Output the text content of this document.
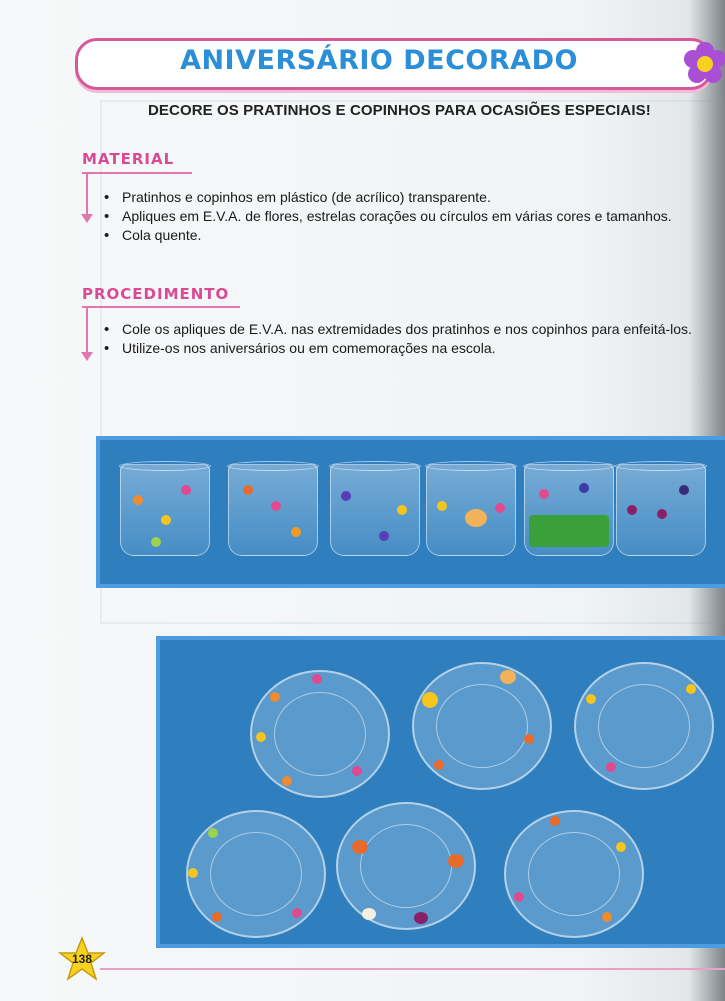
ANIVERSÁRIO DECORADO
DECORE OS PRATINHOS E COPINHOS PARA OCASIÕES ESPECIAIS!
MATERIAL
• Pratinhos e copinhos em plástico (de acrílico) transparente.
• Apliques em E.V.A. de flores, estrelas corações ou círculos em várias cores e tamanhos.
• Cola quente.
PROCEDIMENTO
• Cole os apliques de E.V.A. nas extremidades dos pratinhos e nos copinhos para enfeitá-los.
• Utilize-os nos aniversários ou em comemorações na escola.
138
